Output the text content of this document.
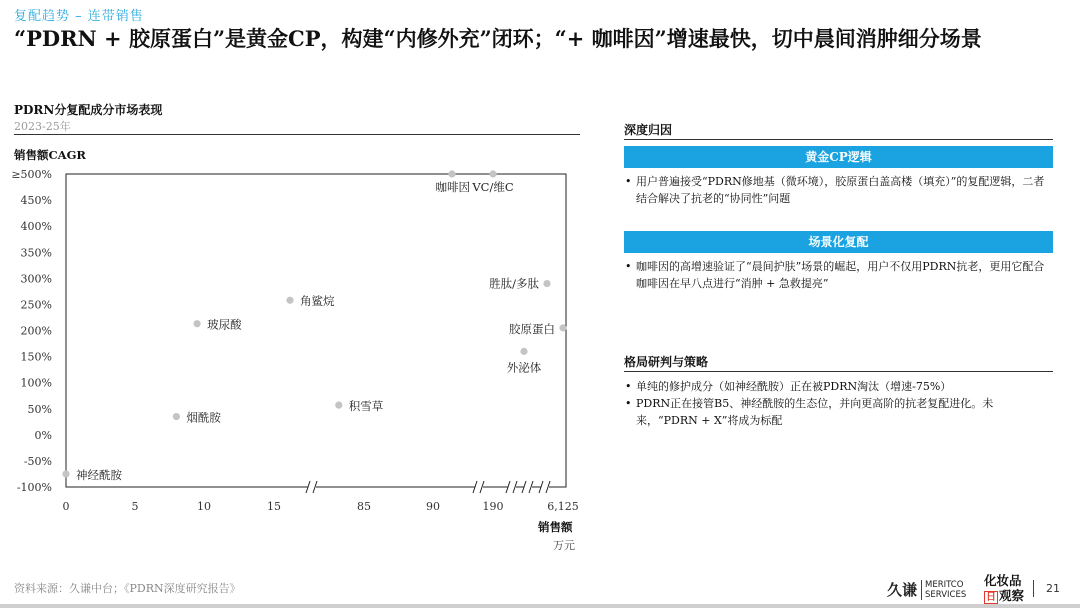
复配趋势 – 连带销售
“PDRN + 胶原蛋白”是黄金CP，构建“内修外充”闭环；“+ 咖啡因”增速最快，切中晨间消肿细分场景
PDRN分复配成分市场表现
2023-25年
销售额CAGR
≥500%
450%
400%
350%
300%
250%
200%
150%
100%
50%
0%
-50%
-100%
0	5	10	15	85	90	190	6,125
咖啡因 VC/维C
胜肽/多肽
角鲨烷
玻尿酸	胶原蛋白
外泌体
积雪草
烟酰胺
神经酰胺
销售额
万元
深度归因
黄金CP逻辑
• 用户普遍接受“PDRN修地基（微环境），胶原蛋白盖高楼（填充）”的复配逻辑，二者结合解决了抗老的“协同性”问题
场景化复配
• 咖啡因的高增速验证了“晨间护肤”场景的崛起，用户不仅用PDRN抗老，更用它配合咖啡因在早八点进行“消肿 + 急救提亮”
格局研判与策略
• 单纯的修护成分（如神经酰胺）正在被PDRN淘汰（增速-75%）
• PDRN正在接管B5、神经酰胺的生态位，并向更高阶的抗老复配进化。未来，“PDRN + X”将成为标配
资料来源：久谦中台；《PDRN深度研究报告》	久谦 MERITCO
SERVICES
化妆品
日 观察 21
